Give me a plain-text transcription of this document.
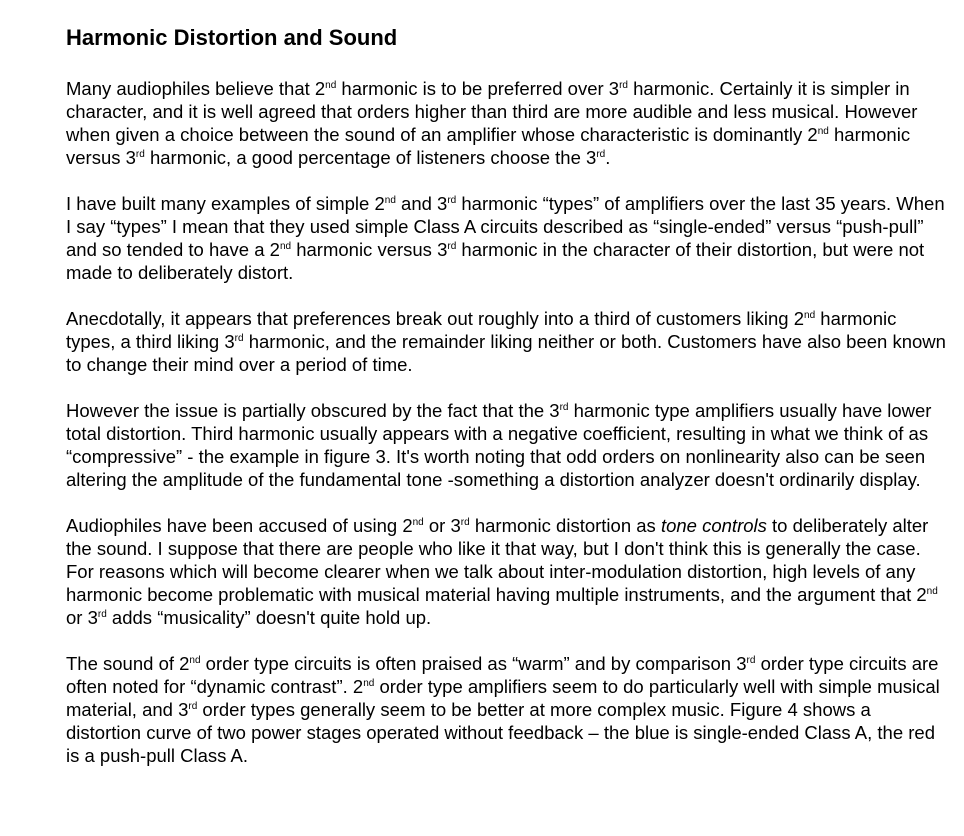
Harmonic Distortion and Sound

Many audiophiles believe that 2nd harmonic is to be preferred over 3rd harmonic. Certainly it is simpler in character, and it is well agreed that orders higher than third are more audible and less musical. However when given a choice between the sound of an amplifier whose characteristic is dominantly 2nd harmonic versus 3rd harmonic, a good percentage of listeners choose the 3rd.

I have built many examples of simple 2nd and 3rd harmonic “types” of amplifiers over the last 35 years. When I say “types” I mean that they used simple Class A circuits described as “single-ended” versus “push-pull” and so tended to have a 2nd harmonic versus 3rd harmonic in the character of their distortion, but were not made to deliberately distort.

Anecdotally, it appears that preferences break out roughly into a third of customers liking 2nd harmonic types, a third liking 3rd harmonic, and the remainder liking neither or both. Customers have also been known to change their mind over a period of time.

However the issue is partially obscured by the fact that the 3rd harmonic type amplifiers usually have lower total distortion. Third harmonic usually appears with a negative coefficient, resulting in what we think of as “compressive” - the example in figure 3. It's worth noting that odd orders on nonlinearity also can be seen altering the amplitude of the fundamental tone -something a distortion analyzer doesn't ordinarily display.

Audiophiles have been accused of using 2nd or 3rd harmonic distortion as tone controls to deliberately alter the sound. I suppose that there are people who like it that way, but I don't think this is generally the case. For reasons which will become clearer when we talk about inter-modulation distortion, high levels of any harmonic become problematic with musical material having multiple instruments, and the argument that 2nd or 3rd adds “musicality” doesn't quite hold up.

The sound of 2nd order type circuits is often praised as “warm” and by comparison 3rd order type circuits are often noted for “dynamic contrast”. 2nd order type amplifiers seem to do particularly well with simple musical material, and 3rd order types generally seem to be better at more complex music. Figure 4 shows a distortion curve of two power stages operated without feedback – the blue is single-ended Class A, the red is a push-pull Class A.
